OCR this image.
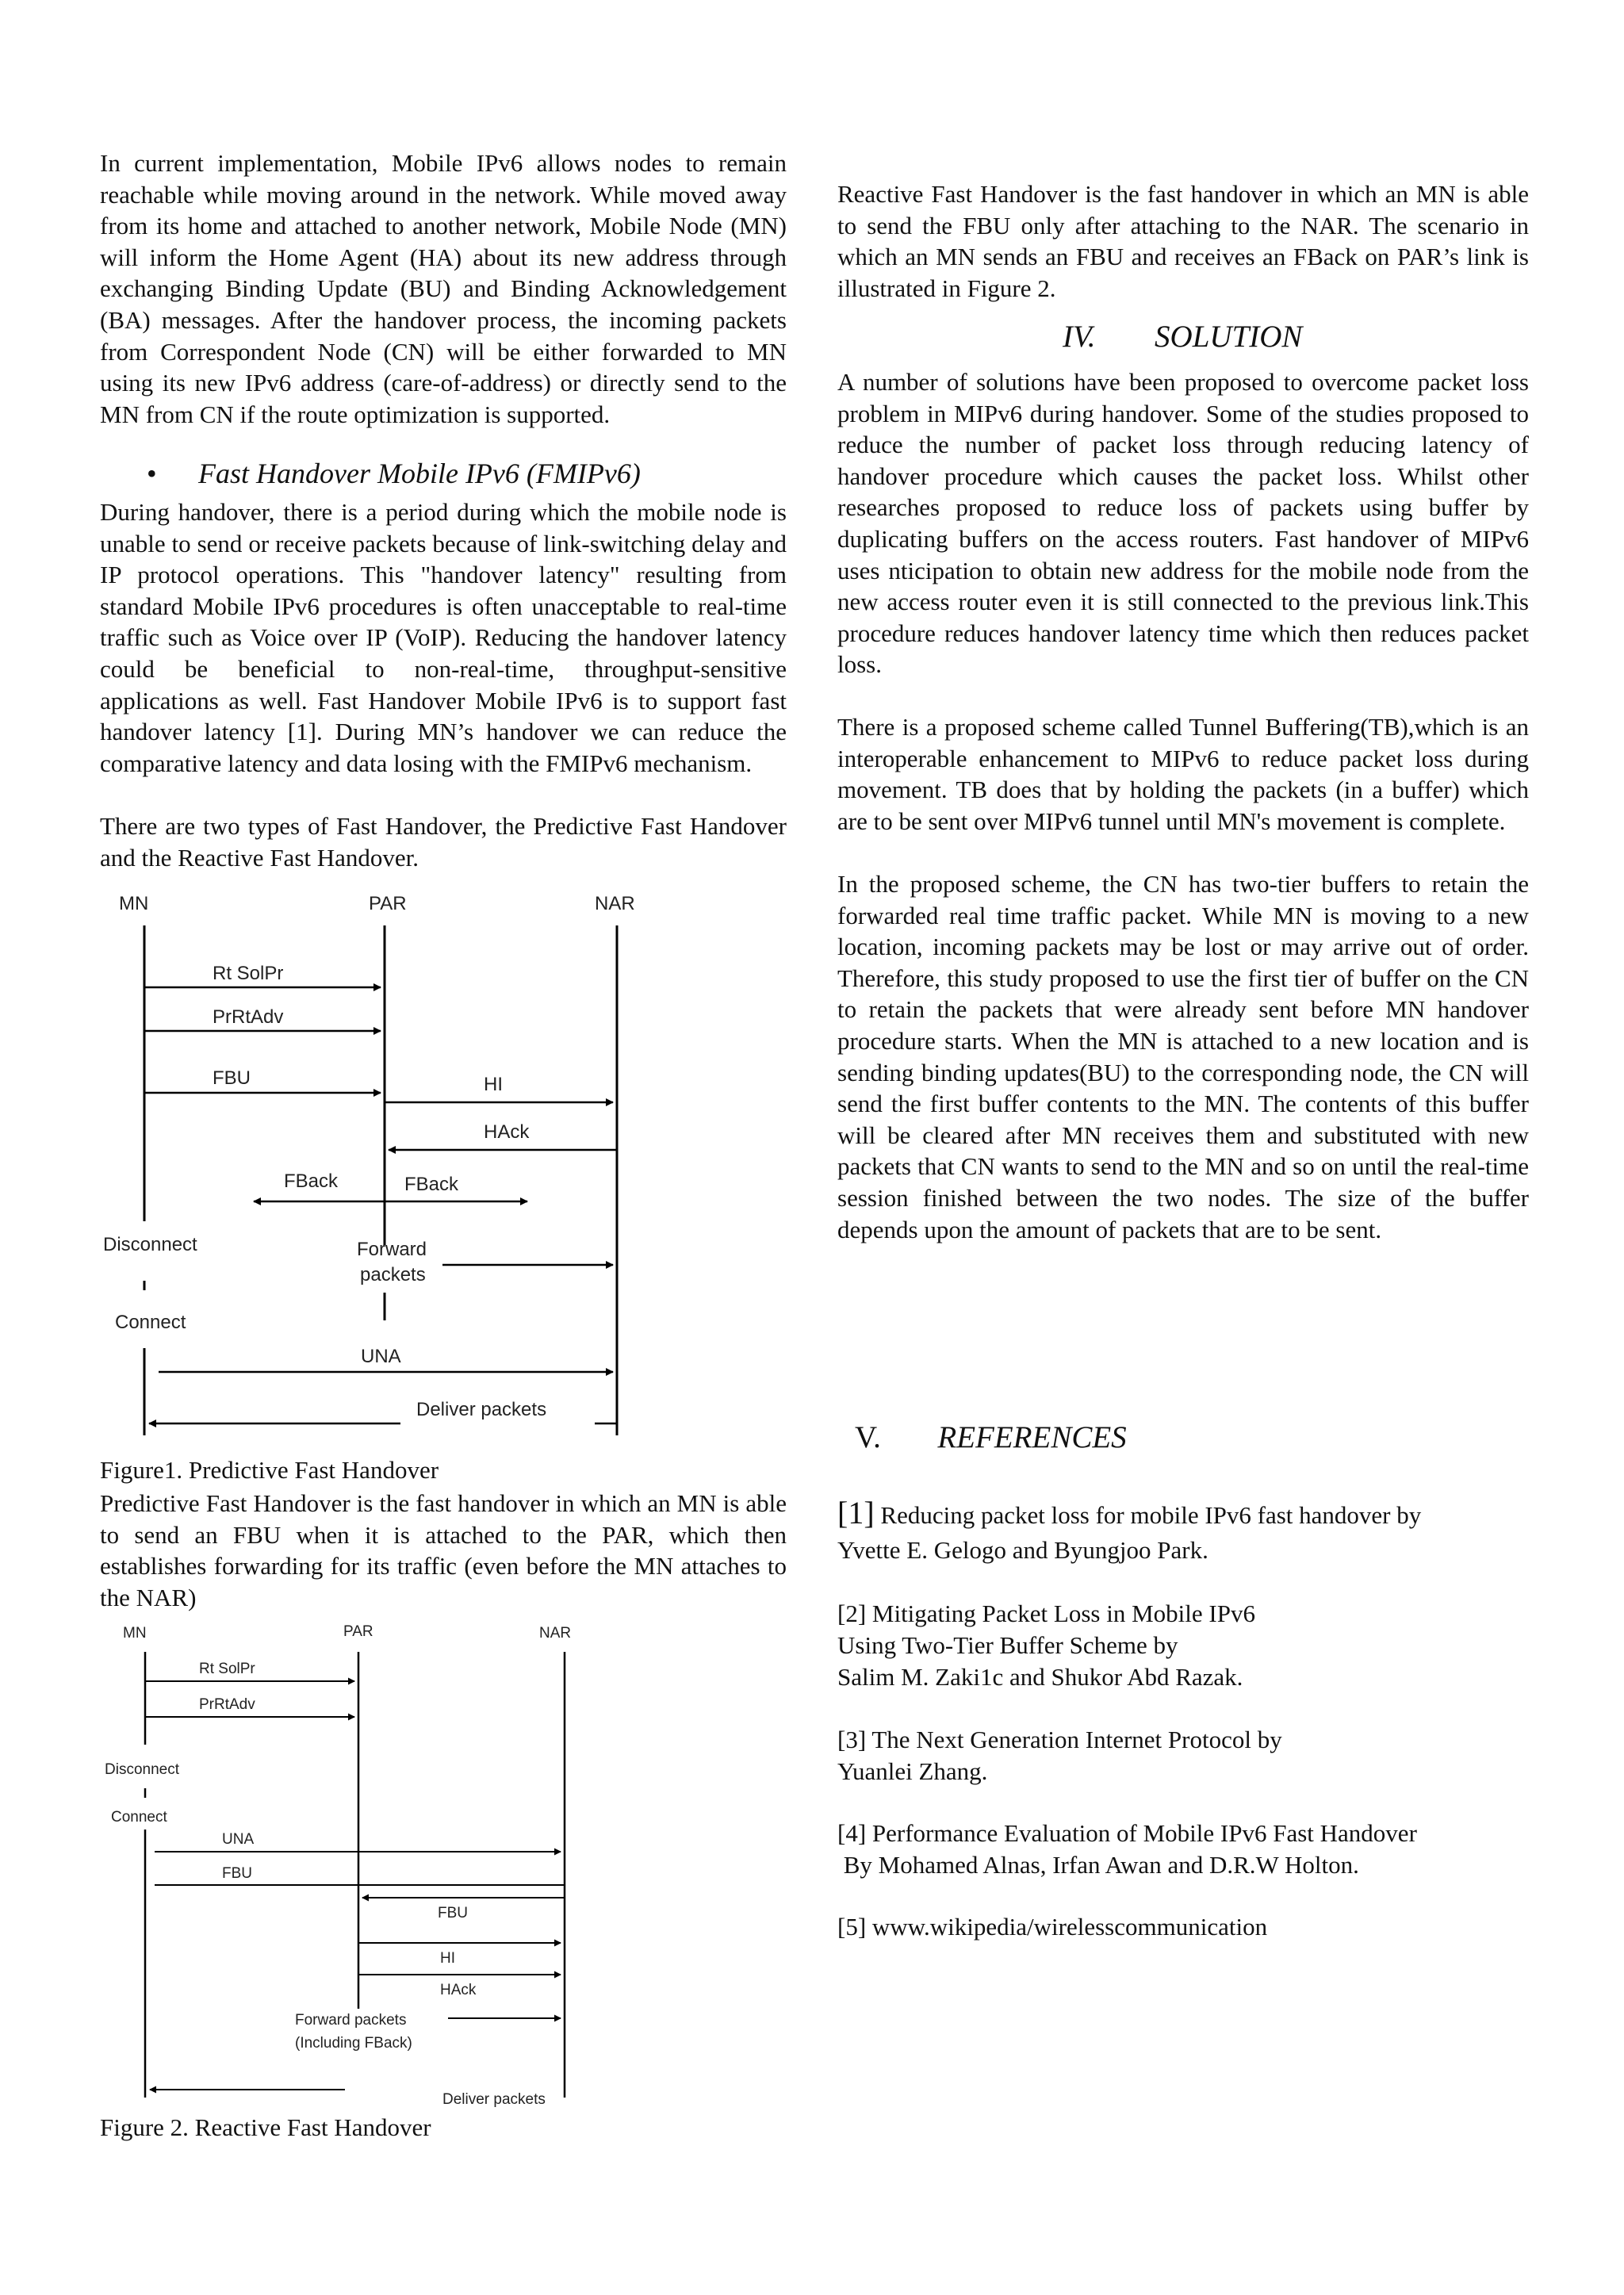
In current implementation, Mobile IPv6 allows nodes to remain reachable while moving around in the network. While moved away from its home and attached to another network, Mobile Node (MN) will inform the Home Agent (HA) about its new address through exchanging Binding Update (BU) and Binding Acknowledgement (BA) messages. After the handover process, the incoming packets from Correspondent Node (CN) will be either forwarded to MN using its new IPv6 address (care-of-address) or directly send to the MN from CN if the route optimization is supported.

• Fast Handover Mobile IPv6 (FMIPv6)

During handover, there is a period during which the mobile node is unable to send or receive packets because of link-switching delay and IP protocol operations. This "handover latency" resulting from standard Mobile IPv6 procedures is often unacceptable to real-time traffic such as Voice over IP (VoIP). Reducing the handover latency could be beneficial to non-real-time, throughput-sensitive applications as well. Fast Handover Mobile IPv6 is to support fast handover latency [1]. During MN’s handover we can reduce the comparative latency and data losing with the FMIPv6 mechanism.

There are two types of Fast Handover, the Predictive Fast Handover and the Reactive Fast Handover.

MN	PAR	NAR
Rt SolPr
PrRtAdv
FBU	HI
HAck
FBack	FBack
Disconnect	Forward
packets
Connect
UNA
Deliver packets
Figure1. Predictive Fast Handover

Predictive Fast Handover is the fast handover in which an MN is able to send an FBU when it is attached to the PAR, which then establishes forwarding for its traffic (even before the MN attaches to the NAR)

MN	PAR	NAR
Rt SolPr
PrRtAdv
Disconnect
Connect
UNA
FBU
FBU
HI
HAck
Forward packets
(Including FBack)
Deliver packets
Figure 2. Reactive Fast Handover

Reactive Fast Handover is the fast handover in which an MN is able to send the FBU only after attaching to the NAR. The scenario in which an MN sends an FBU and receives an FBack on PAR’s link is illustrated in Figure 2.

IV. SOLUTION

A number of solutions have been proposed to overcome packet loss problem in MIPv6 during handover. Some of the studies proposed to reduce the number of packet loss through reducing latency of handover procedure which causes the packet loss. Whilst other researches proposed to reduce loss of packets using buffer by duplicating buffers on the access routers. Fast handover of MIPv6 uses nticipation to obtain new address for the mobile node from the new access router even it is still connected to the previous link.This procedure reduces handover latency time which then reduces packet loss.

There is a proposed scheme called Tunnel Buffering(TB),which is an interoperable enhancement to MIPv6 to reduce packet loss during movement. TB does that by holding the packets (in a buffer) which are to be sent over MIPv6 tunnel until MN's movement is complete.

In the proposed scheme, the CN has two-tier buffers to retain the forwarded real time traffic packet. While MN is moving to a new location, incoming packets may be lost or may arrive out of order. Therefore, this study proposed to use the first tier of buffer on the CN to retain the packets that were already sent before MN handover procedure starts. When the MN is attached to a new location and is sending binding updates(BU) to the corresponding node, the CN will send the first buffer contents to the MN. The contents of this buffer will be cleared after MN receives them and substituted with new packets that CN wants to send to the MN and so on until the real-time session finished between the two nodes. The size of the buffer depends upon the amount of packets that are to be sent.

V. REFERENCES
[1] Reducing packet loss for mobile IPv6 fast handover by
Yvette E. Gelogo and Byungjoo Park.
[2] Mitigating Packet Loss in Mobile IPv6
Using Two-Tier Buffer Scheme by
Salim M. Zaki1c and Shukor Abd Razak.
[3] The Next Generation Internet Protocol by
Yuanlei Zhang.
[4] Performance Evaluation of Mobile IPv6 Fast Handover
By Mohamed Alnas, Irfan Awan and D.R.W Holton.
[5] www.wikipedia/wirelesscommunication
